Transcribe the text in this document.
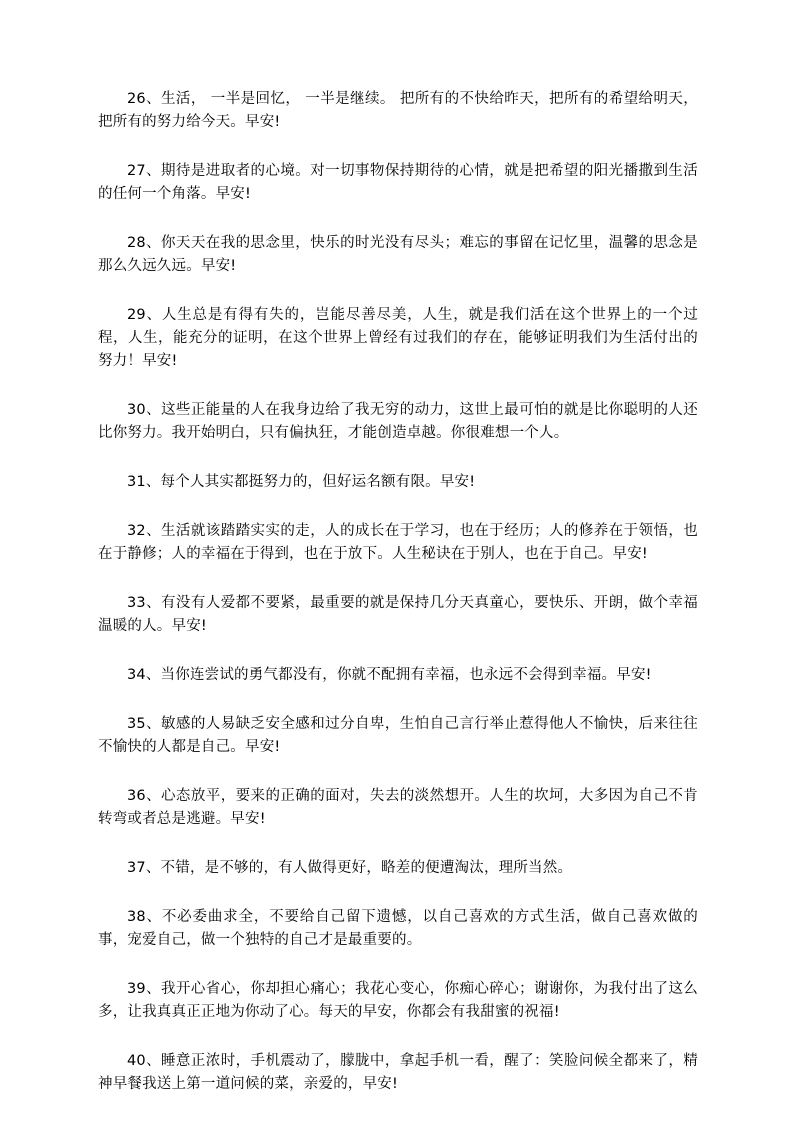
26、生活， 一半是回忆， 一半是继续。 把所有的不快给昨天，把所有的希望给明天， 把所有的努力给今天。早安!

27、期待是进取者的心境。对一切事物保持期待的心情，就是把希望的阳光播撒到生活的任何一个角落。早安!

28、你天天在我的思念里，快乐的时光没有尽头；难忘的事留在记忆里，温馨的思念是那么久远久远。早安!

29、人生总是有得有失的，岂能尽善尽美，人生，就是我们活在这个世界上的一个过程，人生，能充分的证明，在这个世界上曾经有过我们的存在，能够证明我们为生活付出的努力！早安!

30、这些正能量的人在我身边给了我无穷的动力，这世上最可怕的就是比你聪明的人还比你努力。我开始明白，只有偏执狂，才能创造卓越。你很难想一个人。

31、每个人其实都挺努力的，但好运名额有限。早安!

32、生活就该踏踏实实的走，人的成长在于学习，也在于经历；人的修养在于领悟，也在于静修；人的幸福在于得到，也在于放下。人生秘诀在于别人，也在于自己。早安!

33、有没有人爱都不要紧，最重要的就是保持几分天真童心，要快乐、开朗，做个幸福温暖的人。早安!

34、当你连尝试的勇气都没有，你就不配拥有幸福，也永远不会得到幸福。早安!

35、敏感的人易缺乏安全感和过分自卑，生怕自己言行举止惹得他人不愉快，后来往往不愉快的人都是自己。早安!

36、心态放平，要来的正确的面对，失去的淡然想开。人生的坎坷，大多因为自己不肯转弯或者总是逃避。早安!

37、不错，是不够的，有人做得更好，略差的便遭淘汰，理所当然。

38、不必委曲求全，不要给自己留下遗憾，以自己喜欢的方式生活，做自己喜欢做的事，宠爱自己，做一个独特的自己才是最重要的。

39、我开心省心，你却担心痛心；我花心变心，你痴心碎心；谢谢你，为我付出了这么多，让我真真正正地为你动了心。每天的早安，你都会有我甜蜜的祝福!

40、睡意正浓时，手机震动了，朦胧中，拿起手机一看，醒了：笑脸问候全都来了，精神早餐我送上第一道问候的菜，亲爱的，早安!
